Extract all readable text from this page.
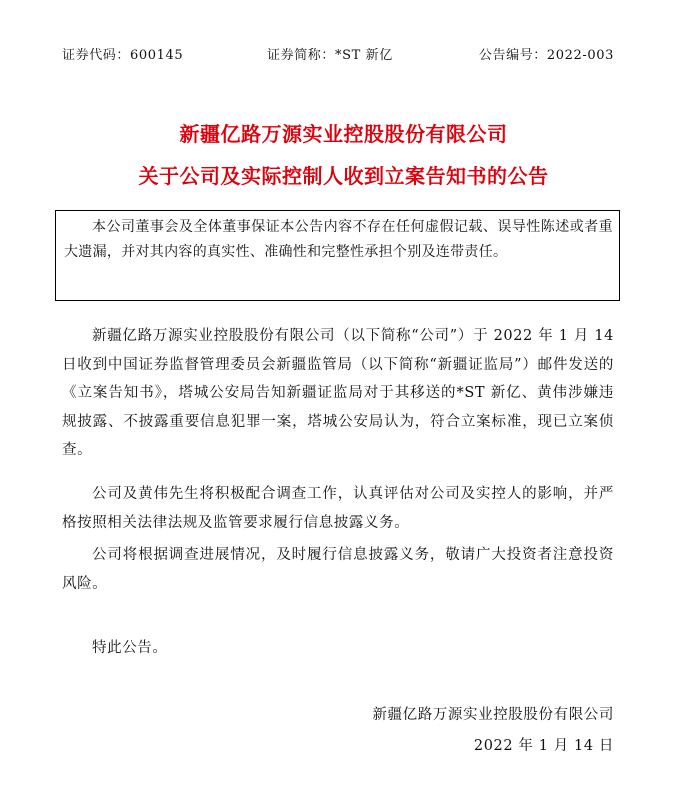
证券代码：600145	证券简称：*ST 新亿	公告编号：2022-003
新疆亿路万源实业控股股份有限公司
关于公司及实际控制人收到立案告知书的公告
本公司董事会及全体董事保证本公告内容不存在任何虚假记载、误导性陈述或者重大遗漏，并对其内容的真实性、准确性和完整性承担个别及连带责任。
新疆亿路万源实业控股股份有限公司（以下简称“公司”）于 2022 年 1 月 14 日收到中国证券监督管理委员会新疆监管局（以下简称“新疆证监局”）邮件发送的《立案告知书》，塔城公安局告知新疆证监局对于其移送的*ST 新亿、黄伟涉嫌违规披露、不披露重要信息犯罪一案，塔城公安局认为，符合立案标准，现已立案侦查。
公司及黄伟先生将积极配合调查工作，认真评估对公司及实控人的影响，并严格按照相关法律法规及监管要求履行信息披露义务。
公司将根据调查进展情况，及时履行信息披露义务，敬请广大投资者注意投资风险。
特此公告。
新疆亿路万源实业控股股份有限公司
2022 年 1 月 14 日
